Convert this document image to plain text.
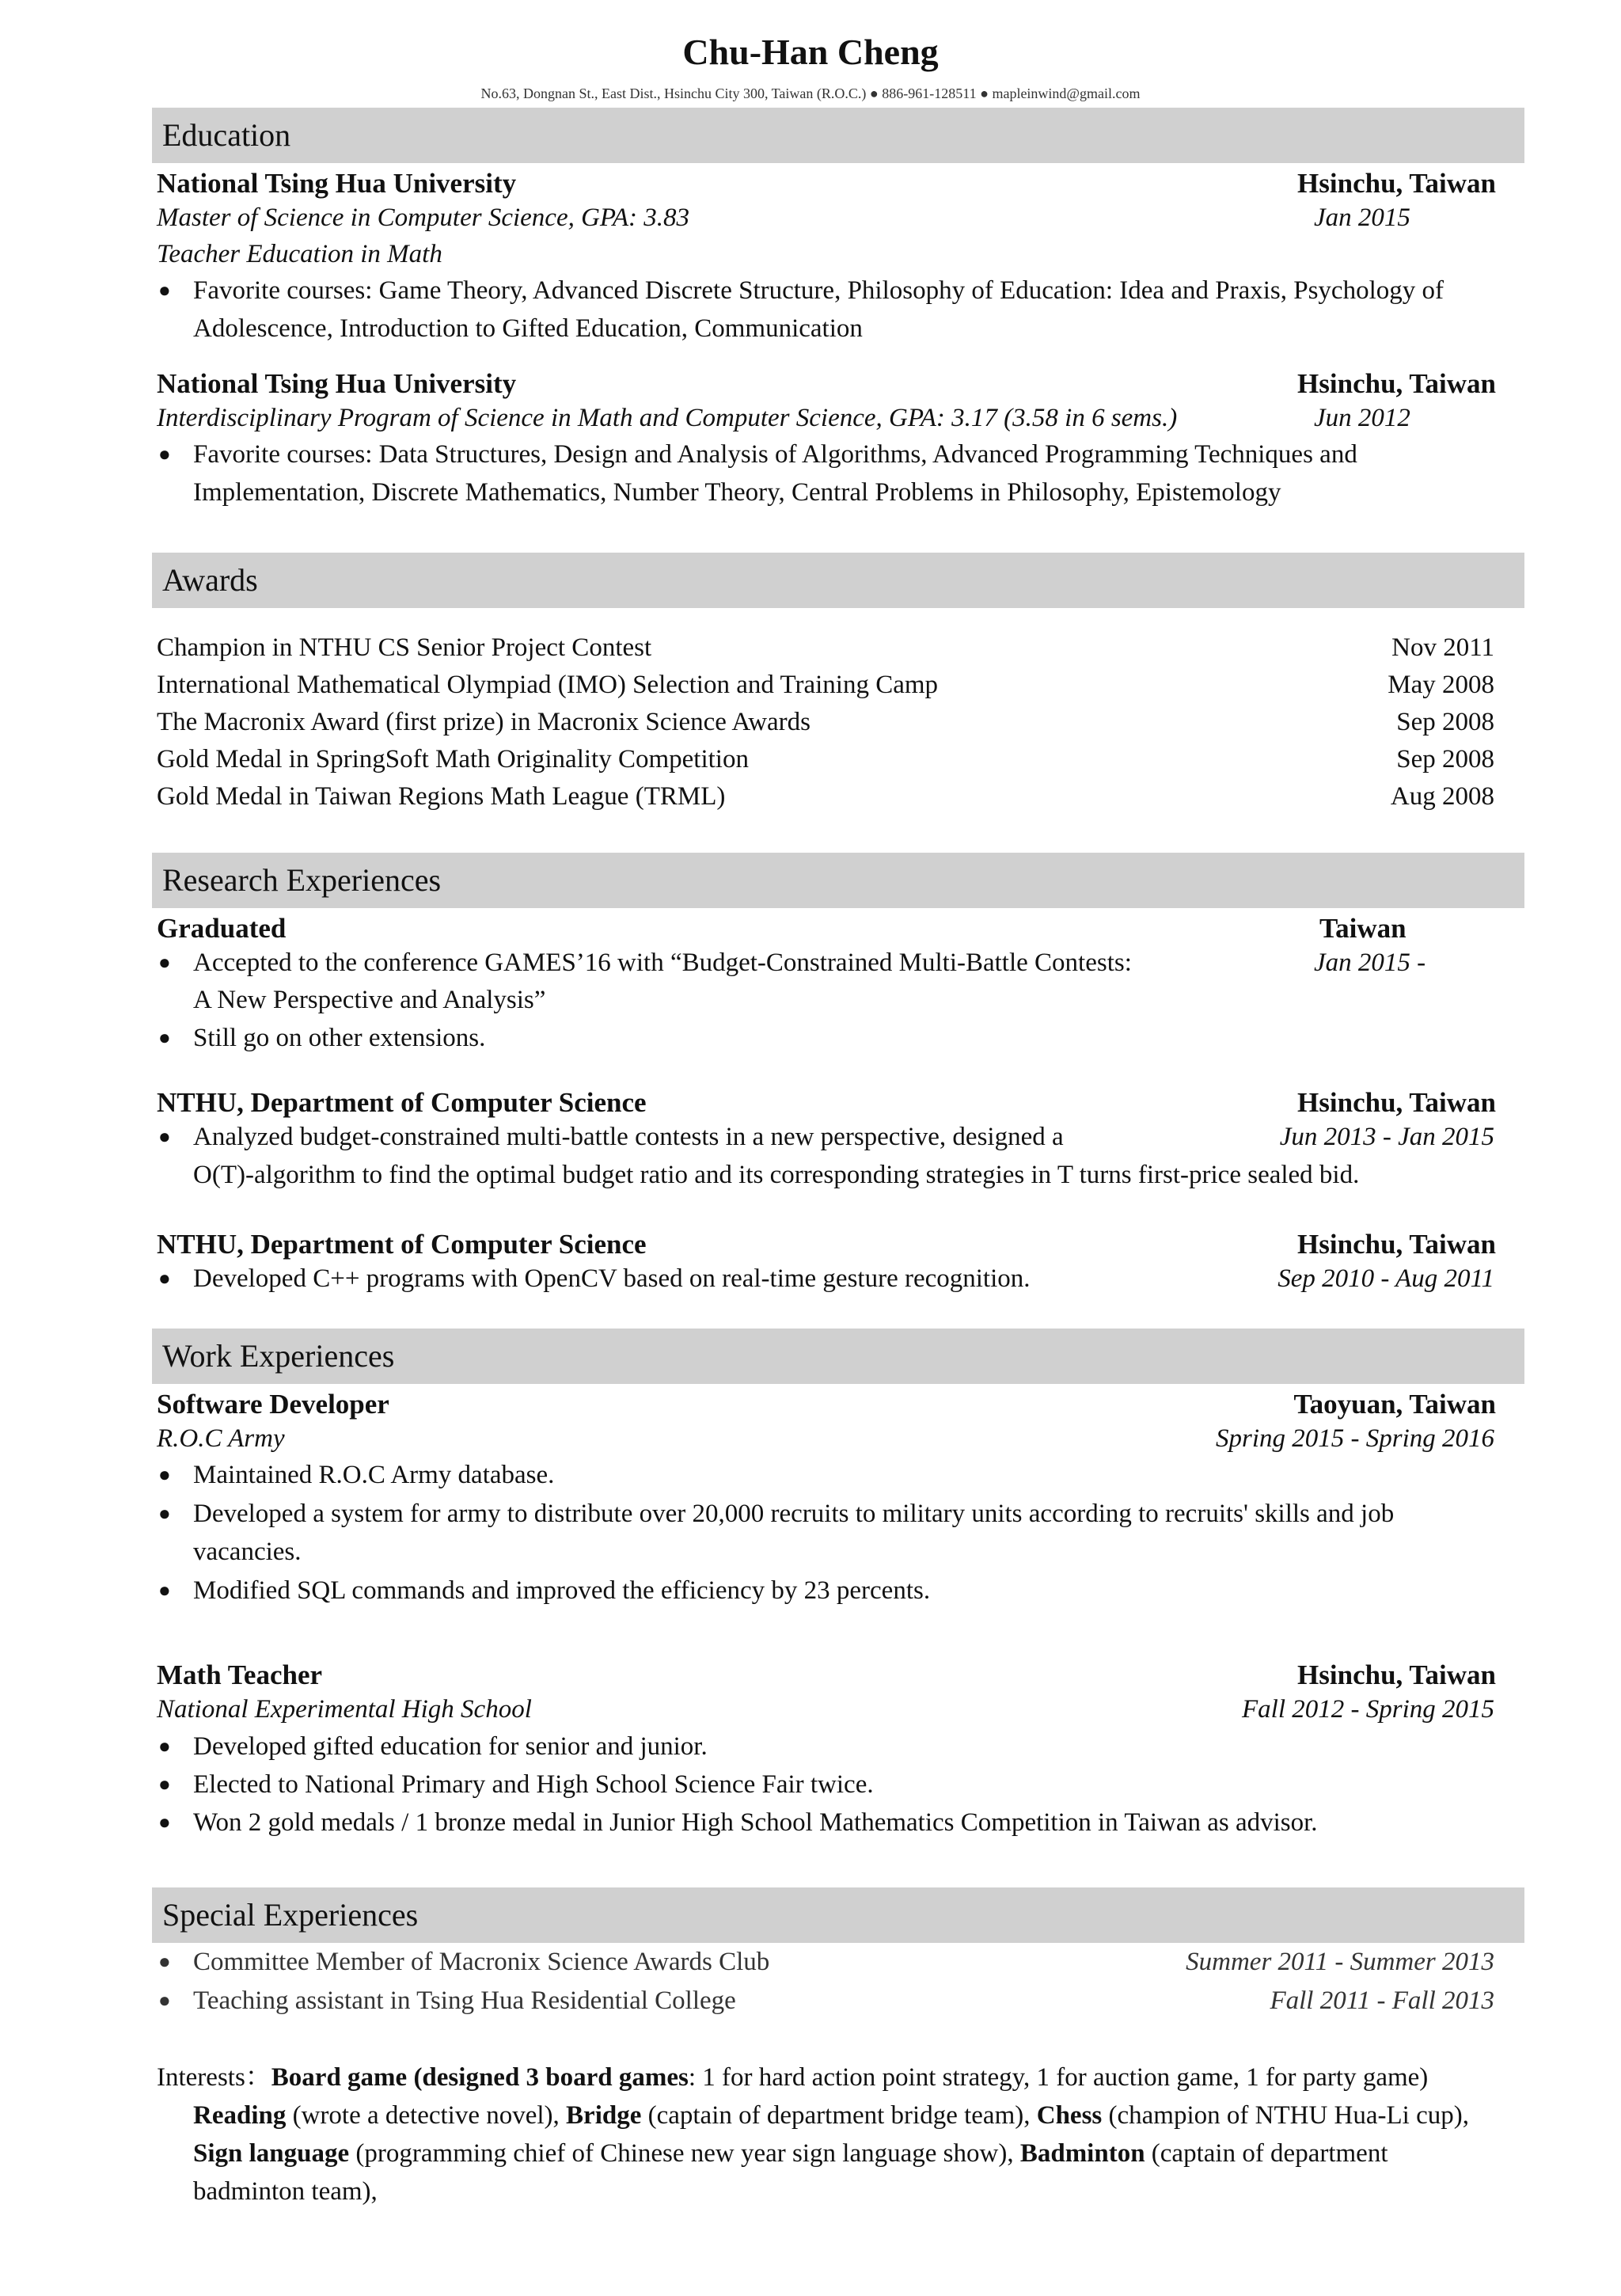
Chu-Han Cheng
No.63, Dongnan St., East Dist., Hsinchu City 300, Taiwan (R.O.C.) ● 886-961-128511 ● mapleinwind@gmail.com
Education
National Tsing Hua University	Hsinchu, Taiwan
Master of Science in Computer Science, GPA: 3.83	Jan 2015
Teacher Education in Math
● Favorite courses: Game Theory, Advanced Discrete Structure, Philosophy of Education: Idea and Praxis, Psychology of
Adolescence, Introduction to Gifted Education, Communication
National Tsing Hua University	Hsinchu, Taiwan
Interdisciplinary Program of Science in Math and Computer Science, GPA: 3.17 (3.58 in 6 sems.)	Jun 2012
● Favorite courses: Data Structures, Design and Analysis of Algorithms, Advanced Programming Techniques and
Implementation, Discrete Mathematics, Number Theory, Central Problems in Philosophy, Epistemology
Awards
Champion in NTHU CS Senior Project Contest	Nov 2011
International Mathematical Olympiad (IMO) Selection and Training Camp	May 2008
The Macronix Award (first prize) in Macronix Science Awards	Sep 2008
Gold Medal in SpringSoft Math Originality Competition	Sep 2008
Gold Medal in Taiwan Regions Math League (TRML)	Aug 2008
Research Experiences
Graduated	Taiwan
● Accepted to the conference GAMES’16 with “Budget-Constrained Multi-Battle Contests:	Jan 2015 -
A New Perspective and Analysis”
● Still go on other extensions.
NTHU, Department of Computer Science	Hsinchu, Taiwan
● Analyzed budget-constrained multi-battle contests in a new perspective, designed a	Jun 2013 - Jan 2015
O(T)-algorithm to find the optimal budget ratio and its corresponding strategies in T turns first-price sealed bid.
NTHU, Department of Computer Science	Hsinchu, Taiwan
● Developed C++ programs with OpenCV based on real-time gesture recognition.	Sep 2010 - Aug 2011
Work Experiences
Software Developer	Taoyuan, Taiwan
R.O.C Army	Spring 2015 - Spring 2016
● Maintained R.O.C Army database.
● Developed a system for army to distribute over 20,000 recruits to military units according to recruits' skills and job
vacancies.
● Modified SQL commands and improved the efficiency by 23 percents.
Math Teacher	Hsinchu, Taiwan
National Experimental High School	Fall 2012 - Spring 2015
● Developed gifted education for senior and junior.
● Elected to National Primary and High School Science Fair twice.
● Won 2 gold medals / 1 bronze medal in Junior High School Mathematics Competition in Taiwan as advisor.
Special Experiences
● Committee Member of Macronix Science Awards Club	Summer 2011 - Summer 2013
● Teaching assistant in Tsing Hua Residential College	Fall 2011 - Fall 2013
Interests：Board game (designed 3 board games: 1 for hard action point strategy, 1 for auction game, 1 for party game)
Reading (wrote a detective novel), Bridge (captain of department bridge team), Chess (champion of NTHU Hua-Li cup),
Sign language (programming chief of Chinese new year sign language show), Badminton (captain of department
badminton team),
